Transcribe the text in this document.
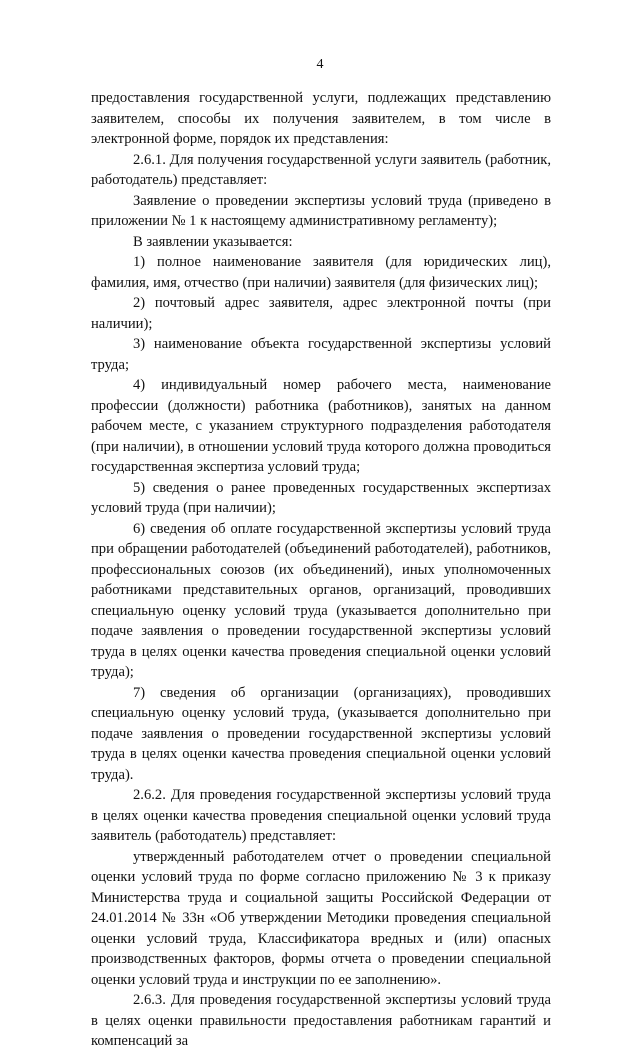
4

предоставления государственной услуги, подлежащих представлению заявителем, способы их получения заявителем, в том числе в электронной форме, порядок их представления:

2.6.1. Для получения государственной услуги заявитель (работник, работодатель) представляет:

Заявление о проведении экспертизы условий труда (приведено в приложении № 1 к настоящему административному регламенту);

В заявлении указывается:

1) полное наименование заявителя (для юридических лиц), фамилия, имя, отчество (при наличии) заявителя (для физических лиц);

2) почтовый адрес заявителя, адрес электронной почты (при наличии);

3) наименование объекта государственной экспертизы условий труда;

4) индивидуальный номер рабочего места, наименование профессии (должности) работника (работников), занятых на данном рабочем месте, с указанием структурного подразделения работодателя (при наличии), в отношении условий труда которого должна проводиться государственная экспертиза условий труда;

5) сведения о ранее проведенных государственных экспертизах условий труда (при наличии);

6) сведения об оплате государственной экспертизы условий труда при обращении работодателей (объединений работодателей), работников, профессиональных союзов (их объединений), иных уполномоченных работниками представительных органов, организаций, проводивших специальную оценку условий труда (указывается дополнительно при подаче заявления о проведении государственной экспертизы условий труда в целях оценки качества проведения специальной оценки условий труда);

7) сведения об организации (организациях), проводивших специальную оценку условий труда, (указывается дополнительно при подаче заявления о проведении государственной экспертизы условий труда в целях оценки качества проведения специальной оценки условий труда).

2.6.2. Для проведения государственной экспертизы условий труда в целях оценки качества проведения специальной оценки условий труда заявитель (работодатель) представляет:

утвержденный работодателем отчет о проведении специальной оценки условий труда по форме согласно приложению № 3 к приказу Министерства труда и социальной защиты Российской Федерации от 24.01.2014 № 33н «Об утверждении Методики проведения специальной оценки условий труда, Классификатора вредных и (или) опасных производственных факторов, формы отчета о проведении специальной оценки условий труда и инструкции по ее заполнению».

2.6.3. Для проведения государственной экспертизы условий труда в целях оценки правильности предоставления работникам гарантий и компенсаций за
